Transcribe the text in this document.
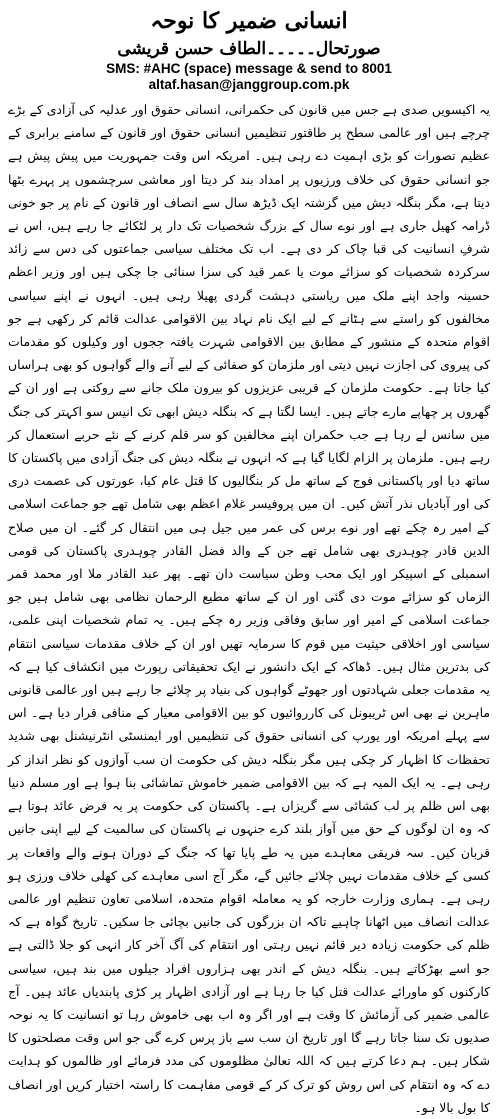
انسانی ضمیر کا نوحہ
صورتحال۔۔۔۔۔الطاف حسن قریشی
SMS: #AHC (space) message & send to 8001
altaf.hasan@janggroup.com.pk

یہ اکیسویں صدی ہے جس میں قانون کی حکمرانی، انسانی حقوق اور عدلیہ کی آزادی کے بڑے چرچے ہیں اور عالمی سطح پر طاقتور تنظیمیں انسانی حقوق اور قانون کے سامنے برابری کے عظیم تصورات کو بڑی اہمیت دے رہی ہیں۔ امریکہ اس وقت جمہوریت میں پیش پیش ہے جو انسانی حقوق کی خلاف ورزیوں پر امداد بند کر دیتا اور معاشی سرچشموں پر پہرے بٹھا دیتا ہے، مگر بنگلہ دیش میں گزشتہ ایک ڈیڑھ سال سے انصاف اور قانون کے نام پر جو خونی ڈرامہ کھیل جاری ہے اور نوے سال کے بزرگ شخصیات تک دار پر لٹکائے جا رہے ہیں، اس نے شرفِ انسانیت کی قبا چاک کر دی ہے۔ اب تک مختلف سیاسی جماعتوں کی دس سے زائد سرکردہ شخصیات کو سزائے موت یا عمر قید کی سزا سنائی جا چکی ہیں اور وزیر اعظم حسینہ واجد اپنے ملک میں ریاستی دہشت گردی پھیلا رہی ہیں۔ انہوں نے اپنے سیاسی مخالفوں کو راستے سے ہٹانے کے لیے ایک نام نہاد بین الاقوامی عدالت قائم کر رکھی ہے جو اقوام متحدہ کے منشور کے مطابق بین الاقوامی شہرت یافتہ ججوں اور وکیلوں کو مقدمات کی پیروی کی اجازت نہیں دیتی اور ملزمان کو صفائی کے لیے آنے والے گواہوں کو بھی ہراساں کیا جاتا ہے۔ حکومت ملزمان کے قریبی عزیزوں کو بیرون ملک جانے سے روکتی ہے اور ان کے گھروں پر چھاپے مارے جاتے ہیں۔ ایسا لگتا ہے کہ بنگلہ دیش ابھی تک انیس سو اکہتر کی جنگ میں سانس لے رہا ہے جب حکمران اپنے مخالفین کو سر قلم کرنے کے نئے حربے استعمال کر رہے ہیں۔ ملزمان پر الزام لگایا گیا ہے کہ انہوں نے بنگلہ دیش کی جنگ آزادی میں پاکستان کا ساتھ دیا اور پاکستانی فوج کے ساتھ مل کر بنگالیوں کا قتل عام کیا، عورتوں کی عصمت دری کی اور آبادیاں نذر آتش کیں۔ ان میں پروفیسر غلام اعظم بھی شامل تھے جو جماعت اسلامی کے امیر رہ چکے تھے اور نوے برس کی عمر میں جیل ہی میں انتقال کر گئے۔ ان میں صلاح الدین قادر چوہدری بھی شامل تھے جن کے والد فضل القادر چوہدری پاکستان کی قومی اسمبلی کے اسپیکر اور ایک محب وطن سیاست دان تھے۔ پھر عبد القادر ملا اور محمد قمر الزماں کو سزائے موت دی گئی اور ان کے ساتھ مطیع الرحمان نظامی بھی شامل ہیں جو جماعت اسلامی کے امیر اور سابق وفاقی وزیر رہ چکے ہیں۔ یہ تمام شخصیات اپنی علمی، سیاسی اور اخلاقی حیثیت میں قوم کا سرمایہ تھیں اور ان کے خلاف مقدمات سیاسی انتقام کی بدترین مثال ہیں۔ ڈھاکہ کے ایک دانشور نے ایک تحقیقاتی رپورٹ میں انکشاف کیا ہے کہ یہ مقدمات جعلی شہادتوں اور جھوٹے گواہوں کی بنیاد پر چلائے جا رہے ہیں اور عالمی قانونی ماہرین نے بھی اس ٹریبونل کی کارروائیوں کو بین الاقوامی معیار کے منافی قرار دیا ہے۔ اس سے پہلے امریکہ اور یورپ کی انسانی حقوق کی تنظیمیں اور ایمنسٹی انٹرنیشنل بھی شدید تحفظات کا اظہار کر چکی ہیں مگر بنگلہ دیش کی حکومت ان سب آوازوں کو نظر انداز کر رہی ہے۔ یہ ایک المیہ ہے کہ بین الاقوامی ضمیر خاموش تماشائی بنا ہوا ہے اور مسلم دنیا بھی اس ظلم پر لب کشائی سے گریزاں ہے۔ پاکستان کی حکومت پر یہ فرض عائد ہوتا ہے کہ وہ ان لوگوں کے حق میں آواز بلند کرے جنہوں نے پاکستان کی سالمیت کے لیے اپنی جانیں قربان کیں۔ سہ فریقی معاہدے میں یہ طے پایا تھا کہ جنگ کے دوران ہونے والے واقعات پر کسی کے خلاف مقدمات نہیں چلائے جائیں گے، مگر آج اسی معاہدے کی کھلی خلاف ورزی ہو رہی ہے۔ ہماری وزارت خارجہ کو یہ معاملہ اقوام متحدہ، اسلامی تعاون تنظیم اور عالمی عدالت انصاف میں اٹھانا چاہیے تاکہ ان بزرگوں کی جانیں بچائی جا سکیں۔ تاریخ گواہ ہے کہ ظلم کی حکومت زیادہ دیر قائم نہیں رہتی اور انتقام کی آگ آخر کار انہی کو جلا ڈالتی ہے جو اسے بھڑکاتے ہیں۔ بنگلہ دیش کے اندر بھی ہزاروں افراد جیلوں میں بند ہیں، سیاسی کارکنوں کو ماورائے عدالت قتل کیا جا رہا ہے اور آزادی اظہار پر کڑی پابندیاں عائد ہیں۔ آج عالمی ضمیر کی آزمائش کا وقت ہے اور اگر وہ اب بھی خاموش رہا تو انسانیت کا یہ نوحہ صدیوں تک سنا جاتا رہے گا اور تاریخ ان سب سے باز پرس کرے گی جو اس وقت مصلحتوں کا شکار ہیں۔ ہم دعا کرتے ہیں کہ اللہ تعالیٰ مظلوموں کی مدد فرمائے اور ظالموں کو ہدایت دے کہ وہ انتقام کی اس روش کو ترک کر کے قومی مفاہمت کا راستہ اختیار کریں اور انصاف کا بول بالا ہو۔
